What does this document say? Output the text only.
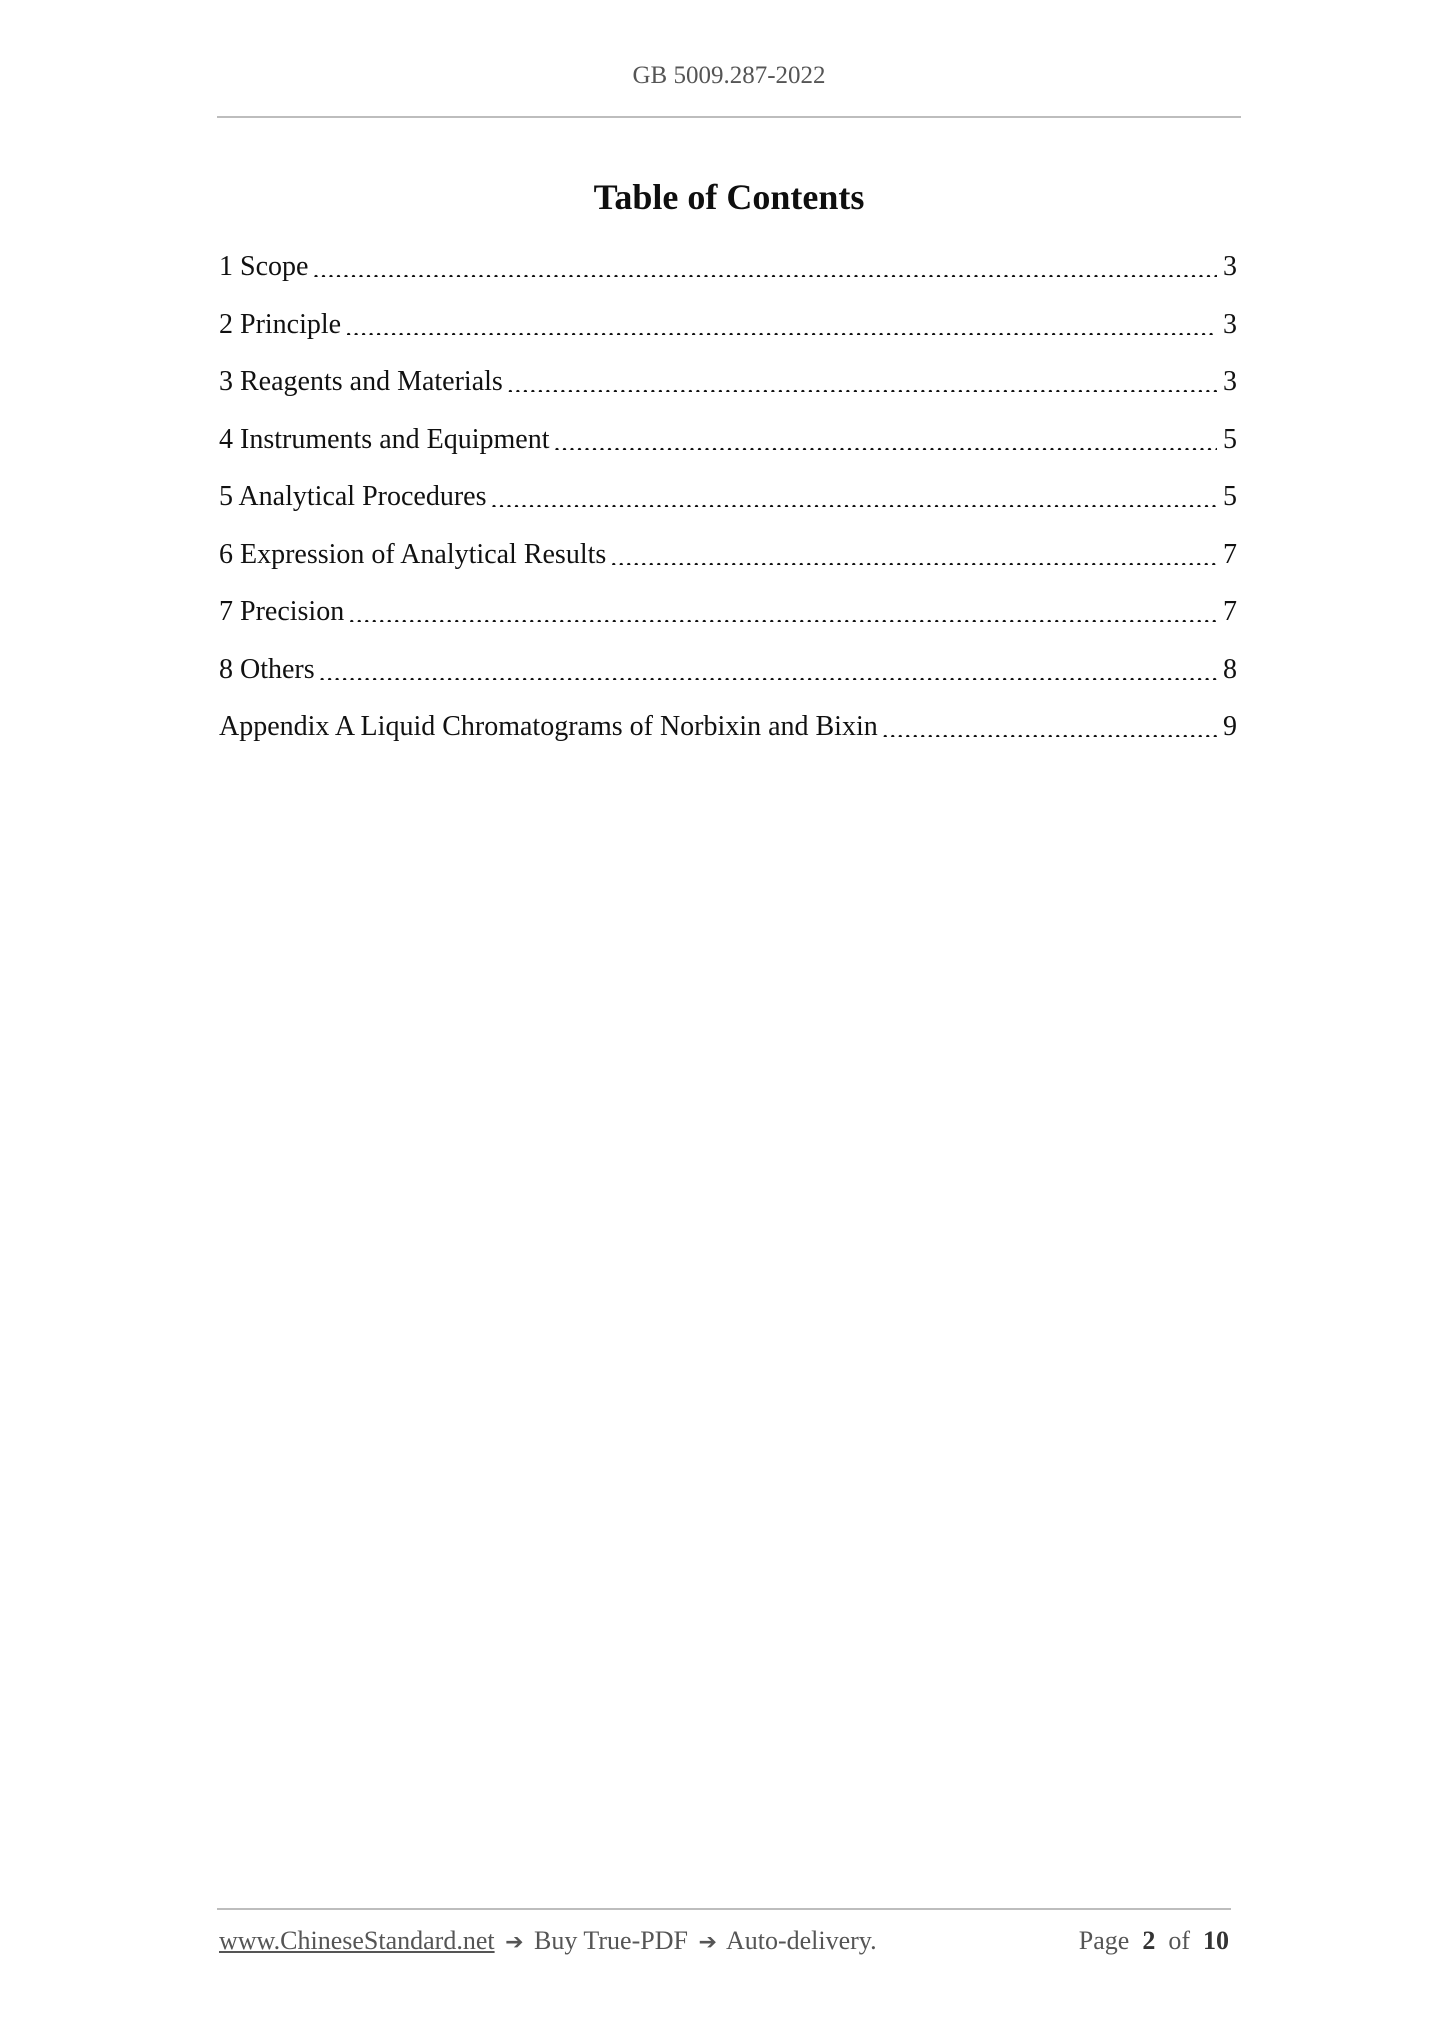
GB 5009.287-2022
Table of Contents
1 Scope .....	3
2 Principle .....	3
3 Reagents and Materials .....	3
4 Instruments and Equipment .....	5
5 Analytical Procedures .....	5
6 Expression of Analytical Results .....	7
7 Precision .....	7
8 Others .....	8
Appendix A Liquid Chromatograms of Norbixin and Bixin .....	9
www.ChineseStandard.net ➔ Buy True-PDF ➔ Auto-delivery.	Page 2 of 10
